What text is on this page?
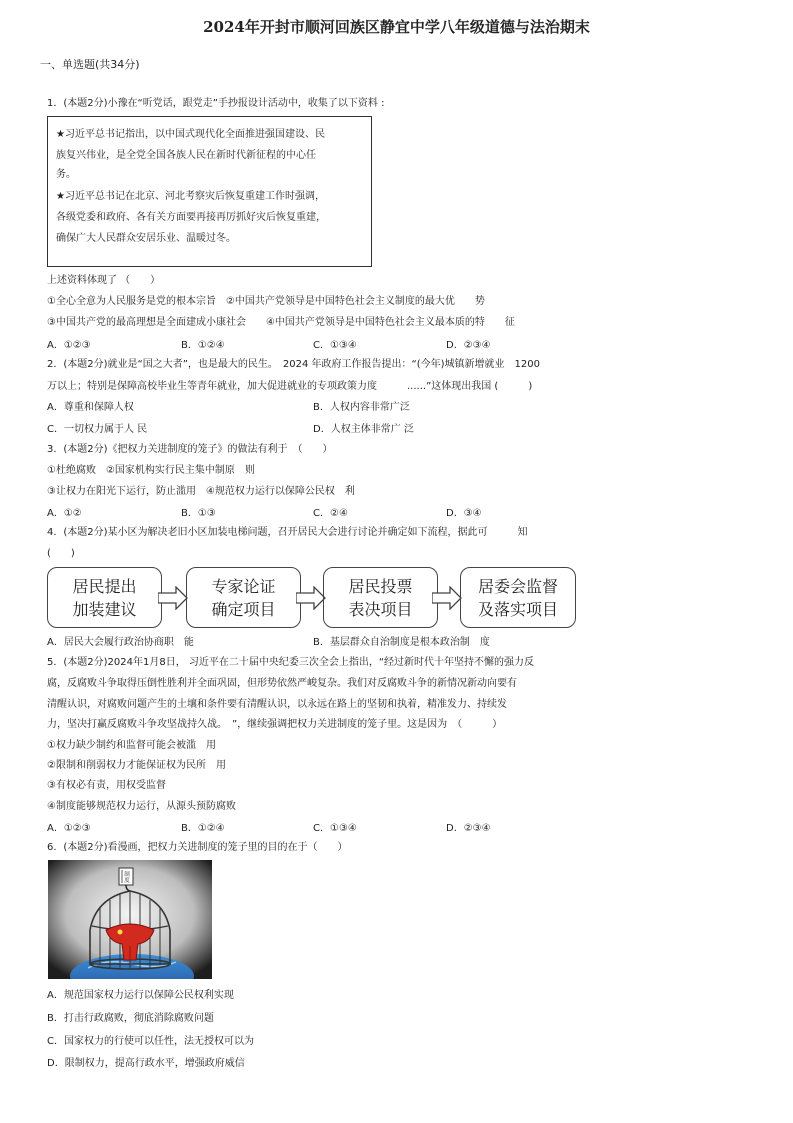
2024年开封市顺河回族区静宜中学八年级道德与法治期末
一、单选题(共34分)
1．(本题2分)小豫在“听党话，跟党走”手抄报设计活动中，收集了以下资料 :
★习近平总书记指出，以中国式现代化全面推进强国建设、民
族复兴伟业，是全党全国各族人民在新时代新征程的中心任
务。
★习近平总书记在北京、河北考察灾后恢复重建工作时强调，
各级党委和政府、各有关方面要再接再厉抓好灾后恢复重建，
确保广大人民群众安居乐业、温暖过冬。
上述资料体现了 （　　）
①全心全意为人民服务是党的根本宗旨　②中国共产党领导是中国特色社会主义制度的最大优　　势
③中国共产党的最高理想是全面建成小康社会　　④中国共产党领导是中国特色社会主义最本质的特　　征
A．①②③	B．①②④	C．①③④	D．②③④
2．(本题2分)就业是“国之大者”，也是最大的民生。　2024 年政府工作报告提出：“(今年)城镇新增就业　1200
万以上；特别是保障高校毕业生等青年就业，加大促进就业的专项政策力度　　　......”这体现出我国 (　　　)
A．尊重和保障人权	B．人权内容非常广泛
C．一切权力属于人 民	D．人权主体非常广 泛
3．(本题2分)《把权力关进制度的笼子》的做法有利于　（　　）
①杜绝腐败　②国家机构实行民主集中制原　则
③让权力在阳光下运行，防止滥用　④规范权力运行以保障公民权　利
A．①②	B．①③	C．②④	D．③④
4．(本题2分)某小区为解决老旧小区加装电梯问题，召开居民大会进行讨论并确定如下流程，据此可　　　知
(　　)
居民提出
加装建议
专家论证
确定项目
居民投票
表决项目
居委会监督
及落实项目
A．居民大会履行政治协商职　能	B．基层群众自治制度是根本政治制　度
5．(本题2分)2024年1月8日， 习近平在二十届中央纪委三次全会上指出，“经过新时代十年坚持不懈的强力反
腐，反腐败斗争取得压倒性胜利并全面巩固，但形势依然严峻复杂。我们对反腐败斗争的新情况新动向要有
清醒认识，对腐败问题产生的土壤和条件要有清醒认识，以永远在路上的坚韧和执着，精准发力、持续发
力，坚决打赢反腐败斗争攻坚战持久战。　”，继续强调把权力关进制度的笼子里。这是因为　（　　　）
①权力缺少制约和监督可能会被滥　用
②限制和削弱权力才能保证权为民所　用
③有权必有责，用权受监督
④制度能够规范权力运行，从源头预防腐败
A．①②③	B．①②④	C．①③④	D．②③④
6．(本题2分)看漫画，把权力关进制度的笼子里的目的在于（　　）
制
度
A．规范国家权力运行以保障公民权利实现
B．打击行政腐败，彻底消除腐败问题
C．国家权力的行使可以任性，法无授权可以为
D．限制权力，提高行政水平，增强政府威信
